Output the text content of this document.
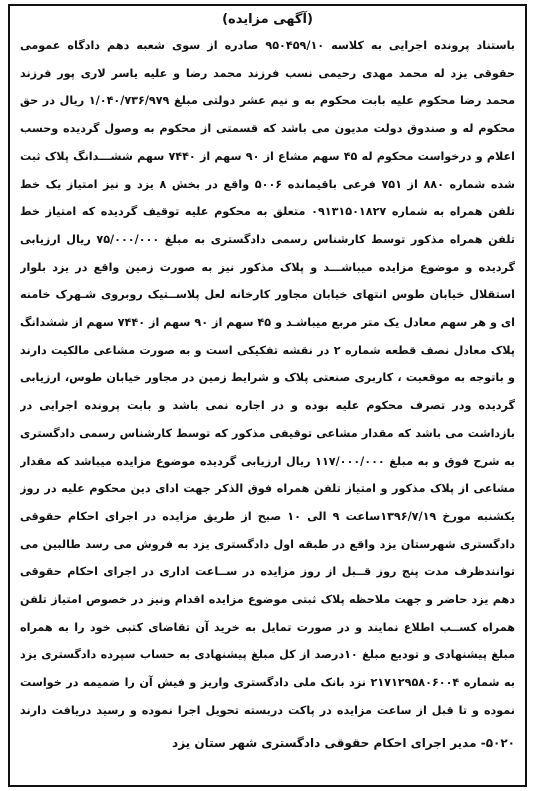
(آگهی مزایده)

باستناد پرونده اجرایی به کلاسه ۹۵۰۴۵۹/۱۰ صادره از سوی شعبه دهم دادگاه عمومی حقوقی یزد له محمد مهدی رحیمی نسب فرزند محمد رضا و علیه یاسر لاری پور فرزند محمد رضا محکوم علیه بابت محکوم به و نیم عشر دولتی مبلغ ۱/۰۴۰/۷۳۶/۹۷۹ ریال در حق محکوم له و صندوق دولت مدیون می باشد که قسمتی از محکوم به وصول گردیده وحسب اعلام و درخواست محکوم له ۴۵ سهم مشاع از ۹۰ سهم از ۷۴۴۰ سهم ششـــدانگ پلاک ثبت شده شماره ۸۸۰ از ۷۵۱ فرعی باقیمانده ۵۰۰۶ واقع در بخش ۸ یزد و نیز امتیاز یک خط تلفن همراه به شماره ۰۹۱۳۱۵۰۱۸۲۷ متعلق به محکوم علیه توقیف گردیده که امتیاز خط تلفن همراه مذکور توسط کارشناس رسمی دادگستری به مبلغ ۷۵/۰۰۰/۰۰۰ ریال ارزیابی گردیده و موضوع مزایده میباشـــد و پلاک مذکور نیز به صورت زمین واقع در یزد بلوار استقلال خیابان طوس انتهای خیابان مجاور کارخانه لعل پلاســتیک روبروی شـهرک خامنه ای و هر سهم معادل یک متر مربع میباشـد و ۴۵ سهم از ۹۰ سهم از ۷۴۴۰ سهم از ششدانگ پلاک معادل نصف قطعه شماره ۲ در نقشه تفکیکی است و به صورت مشاعی مالکیت دارند و باتوجه به موقعیت ، کاربری صنعتی پلاک و شرایط زمین در مجاور خیابان طوس، ارزیابی گردیده ودر تصرف محکوم علیه بوده و در اجاره نمی باشد و بابت پرونده اجرایی در بازداشت می باشد که مقدار مشاعی توقیفی مذکور که توسط کارشناس رسمی دادگستری به شرح فوق و به مبلغ ۱۱۷/۰۰۰/۰۰۰ ریال ارزیابی گردیده موضوع مزایده میباشد که مقدار مشاعی از پلاک مذکور و امتیاز تلفن همراه فوق الذکر جهت ادای دین محکوم علیه در روز یکشنبه مورخ ۱۳۹۶/۷/۱۹ساعت ۹ الی ۱۰ صبح از طریق مزایده در اجرای احکام حقوقی دادگستری شهرستان یزد واقع در طبقه اول دادگستری یزد به فروش می رسد طالبین می توانندظرف مدت پنج روز قــبل از روز مزایده در ســاعت اداری در اجرای احکام حقوقی دهم یزد حاضر و جهت ملاحظه پلاک ثبتی موضوع مزایده اقدام ونیز در خصوص امتیاز تلفن همراه کســب اطلاع نمایند و در صورت تمایل به خرید آن تقاضای کتبی خود را به همراه مبلغ پیشنهادی و تودیع مبلغ ۱۰درصد از کل مبلغ پیشنهادی به حساب سپرده دادگستری یزد به شماره ۲۱۷۱۲۹۵۸۰۶۰۰۴ نزد بانک ملی دادگستری واریز و فیش آن را ضمیمه در خواست نموده و تا قبل از ساعت مزایده در پاکت دربسته تحویل اجرا نموده و رسید دریافت دارند

۵۰۲۰- مدیر اجرای احکام حقوقی دادگستری شهر ستان یزد
